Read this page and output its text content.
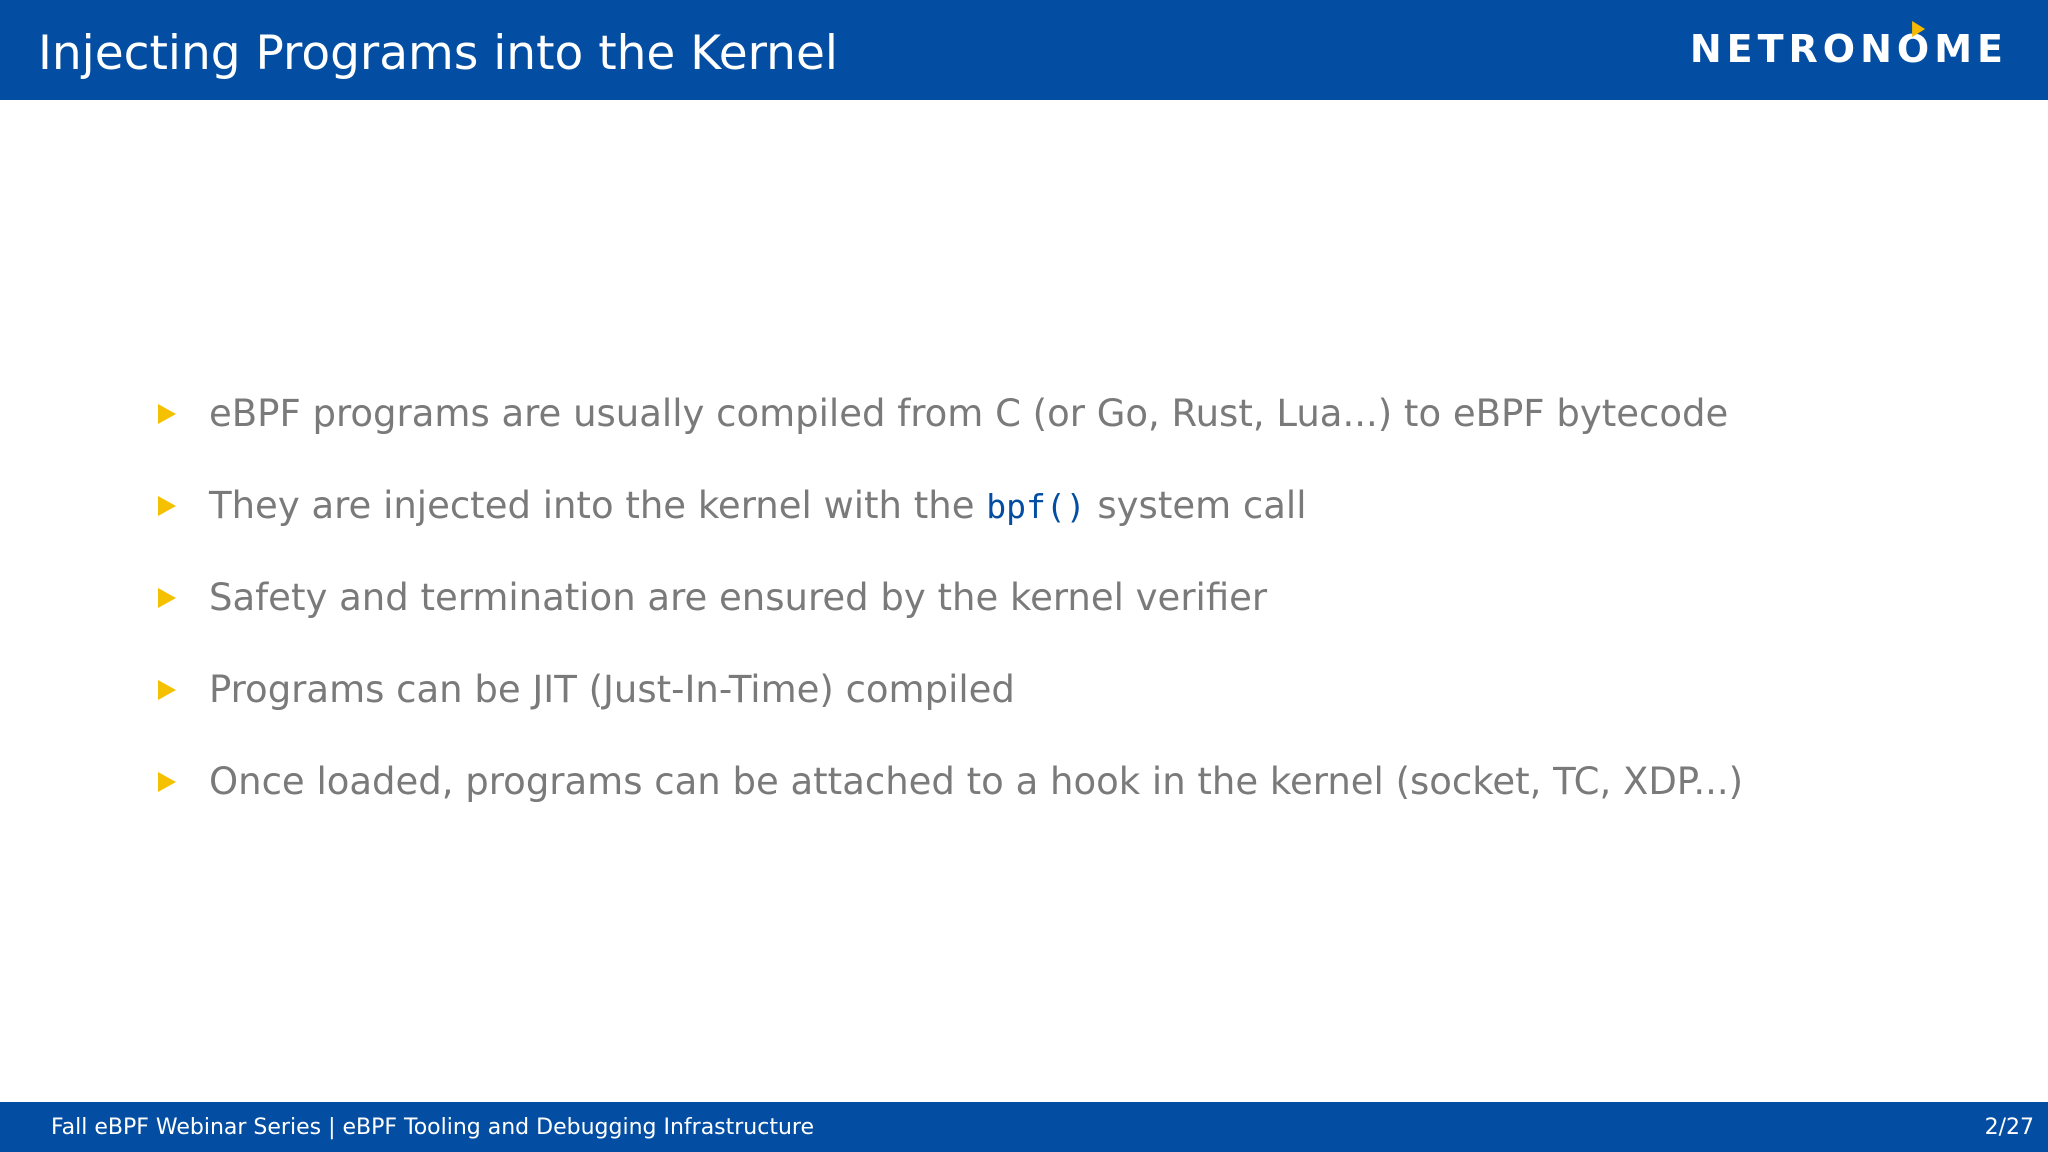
Injecting Programs into the Kernel	NETRON O ME
eBPF programs are usually compiled from C (or Go, Rust, Lua...) to eBPF bytecode
They are injected into the kernel with the bpf() system call
Safety and termination are ensured by the kernel verifier
Programs can be JIT (Just-In-Time) compiled
Once loaded, programs can be attached to a hook in the kernel (socket, TC, XDP...)
Fall eBPF Webinar Series | eBPF Tooling and Debugging Infrastructure	2/27
